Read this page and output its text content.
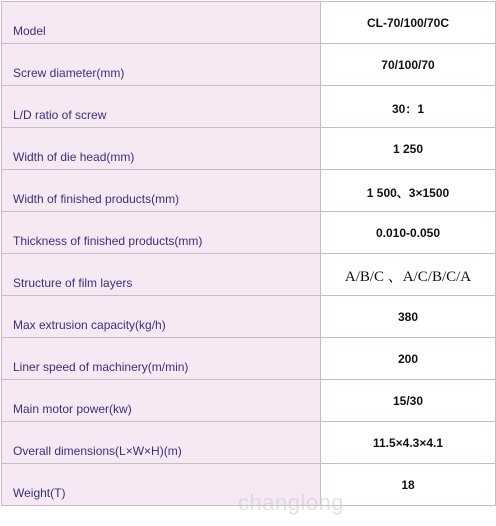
Model	CL-70/100/70C
Screw diameter(mm)	70/100/70
L/D ratio of screw	30：1
Width of die head(mm)	1 250
Width of finished products(mm)	1 500、3×1500
Thickness of finished products(mm)	0.010-0.050
Structure of film layers	A/B/C 、A/C/B/C/A
Max extrusion capacity(kg/h)	380
Liner speed of machinery(m/min)	200
Main motor power(kw)	15/30
Overall dimensions(L×W×H)(m)	11.5×4.3×4.1
Weight(T)	18
changlong
